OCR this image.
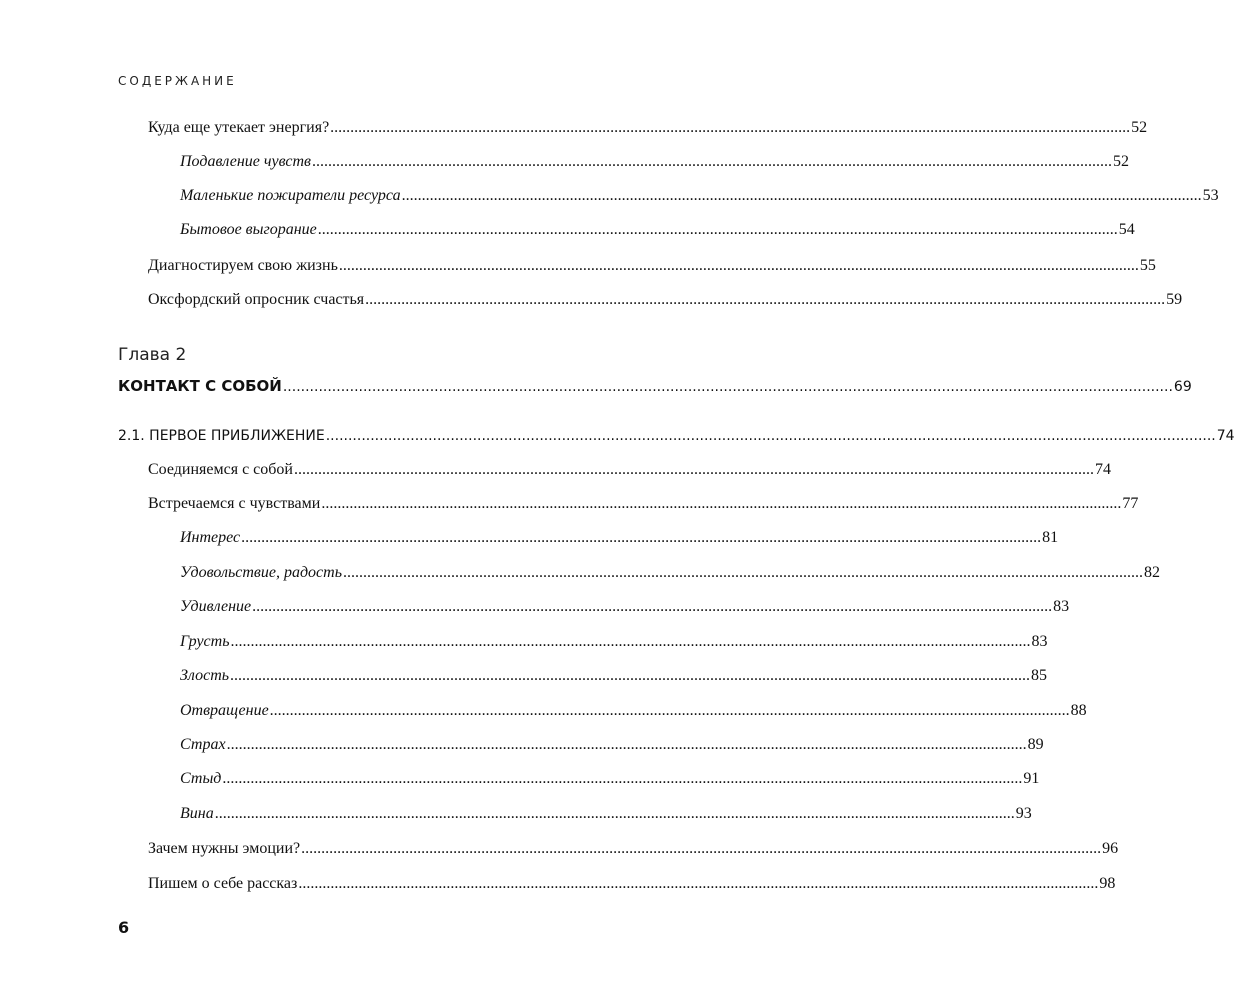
СОДЕРЖАНИЕ
Куда еще утекает энергия? ........................................................................................................................................................................................................ 52
Подавление чувств ........................................................................................................................................................................................................ 52
Маленькие пожиратели ресурса ........................................................................................................................................................................................................ 53
Бытовое выгорание ........................................................................................................................................................................................................ 54
Диагностируем свою жизнь ........................................................................................................................................................................................................ 55
Оксфордский опросник счастья ........................................................................................................................................................................................................ 59
Глава 2
КОНТАКТ С СОБОЙ ........................................................................................................................................................................................................ 69
2.1. ПЕРВОЕ ПРИБЛИЖЕНИЕ ........................................................................................................................................................................................................ 74
Соединяемся с собой ........................................................................................................................................................................................................ 74
Встречаемся с чувствами ........................................................................................................................................................................................................ 77
Интерес ........................................................................................................................................................................................................ 81
Удовольствие, радость ........................................................................................................................................................................................................ 82
Удивление ........................................................................................................................................................................................................ 83
Грусть ........................................................................................................................................................................................................ 83
Злость ........................................................................................................................................................................................................ 85
Отвращение ........................................................................................................................................................................................................ 88
Страх ........................................................................................................................................................................................................ 89
Стыд ........................................................................................................................................................................................................ 91
Вина ........................................................................................................................................................................................................ 93
Зачем нужны эмоции? ........................................................................................................................................................................................................ 96
Пишем о себе рассказ ........................................................................................................................................................................................................ 98
6
